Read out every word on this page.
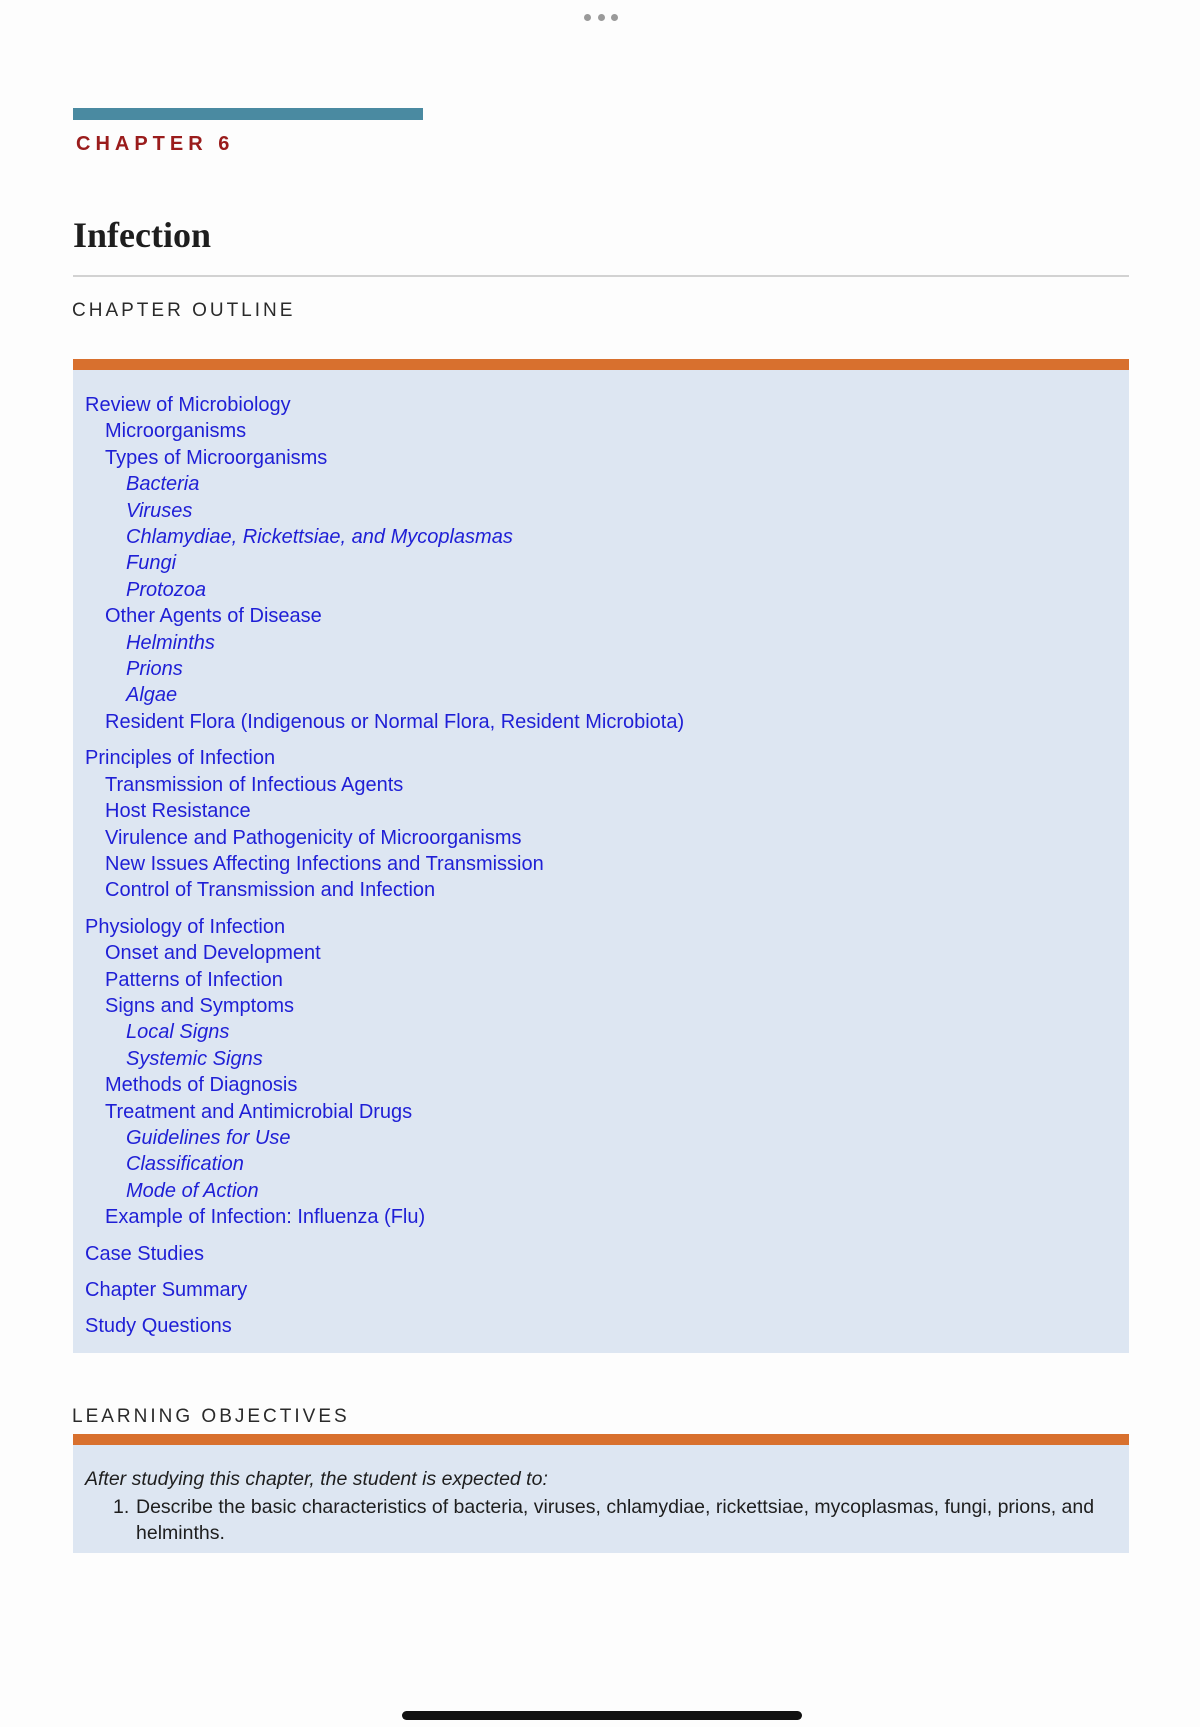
CHAPTER 6
Infection
CHAPTER OUTLINE
Review of Microbiology
Microorganisms
Types of Microorganisms
Bacteria
Viruses
Chlamydiae, Rickettsiae, and Mycoplasmas
Fungi
Protozoa
Other Agents of Disease
Helminths
Prions
Algae
Resident Flora (Indigenous or Normal Flora, Resident Microbiota)
Principles of Infection
Transmission of Infectious Agents
Host Resistance
Virulence and Pathogenicity of Microorganisms
New Issues Affecting Infections and Transmission
Control of Transmission and Infection
Physiology of Infection
Onset and Development
Patterns of Infection
Signs and Symptoms
Local Signs
Systemic Signs
Methods of Diagnosis
Treatment and Antimicrobial Drugs
Guidelines for Use
Classification
Mode of Action
Example of Infection: Influenza (Flu)
Case Studies
Chapter Summary
Study Questions
LEARNING OBJECTIVES
After studying this chapter, the student is expected to:
1. Describe the basic characteristics of bacteria, viruses, chlamydiae, rickettsiae, mycoplasmas, fungi, prions, and helminths.
